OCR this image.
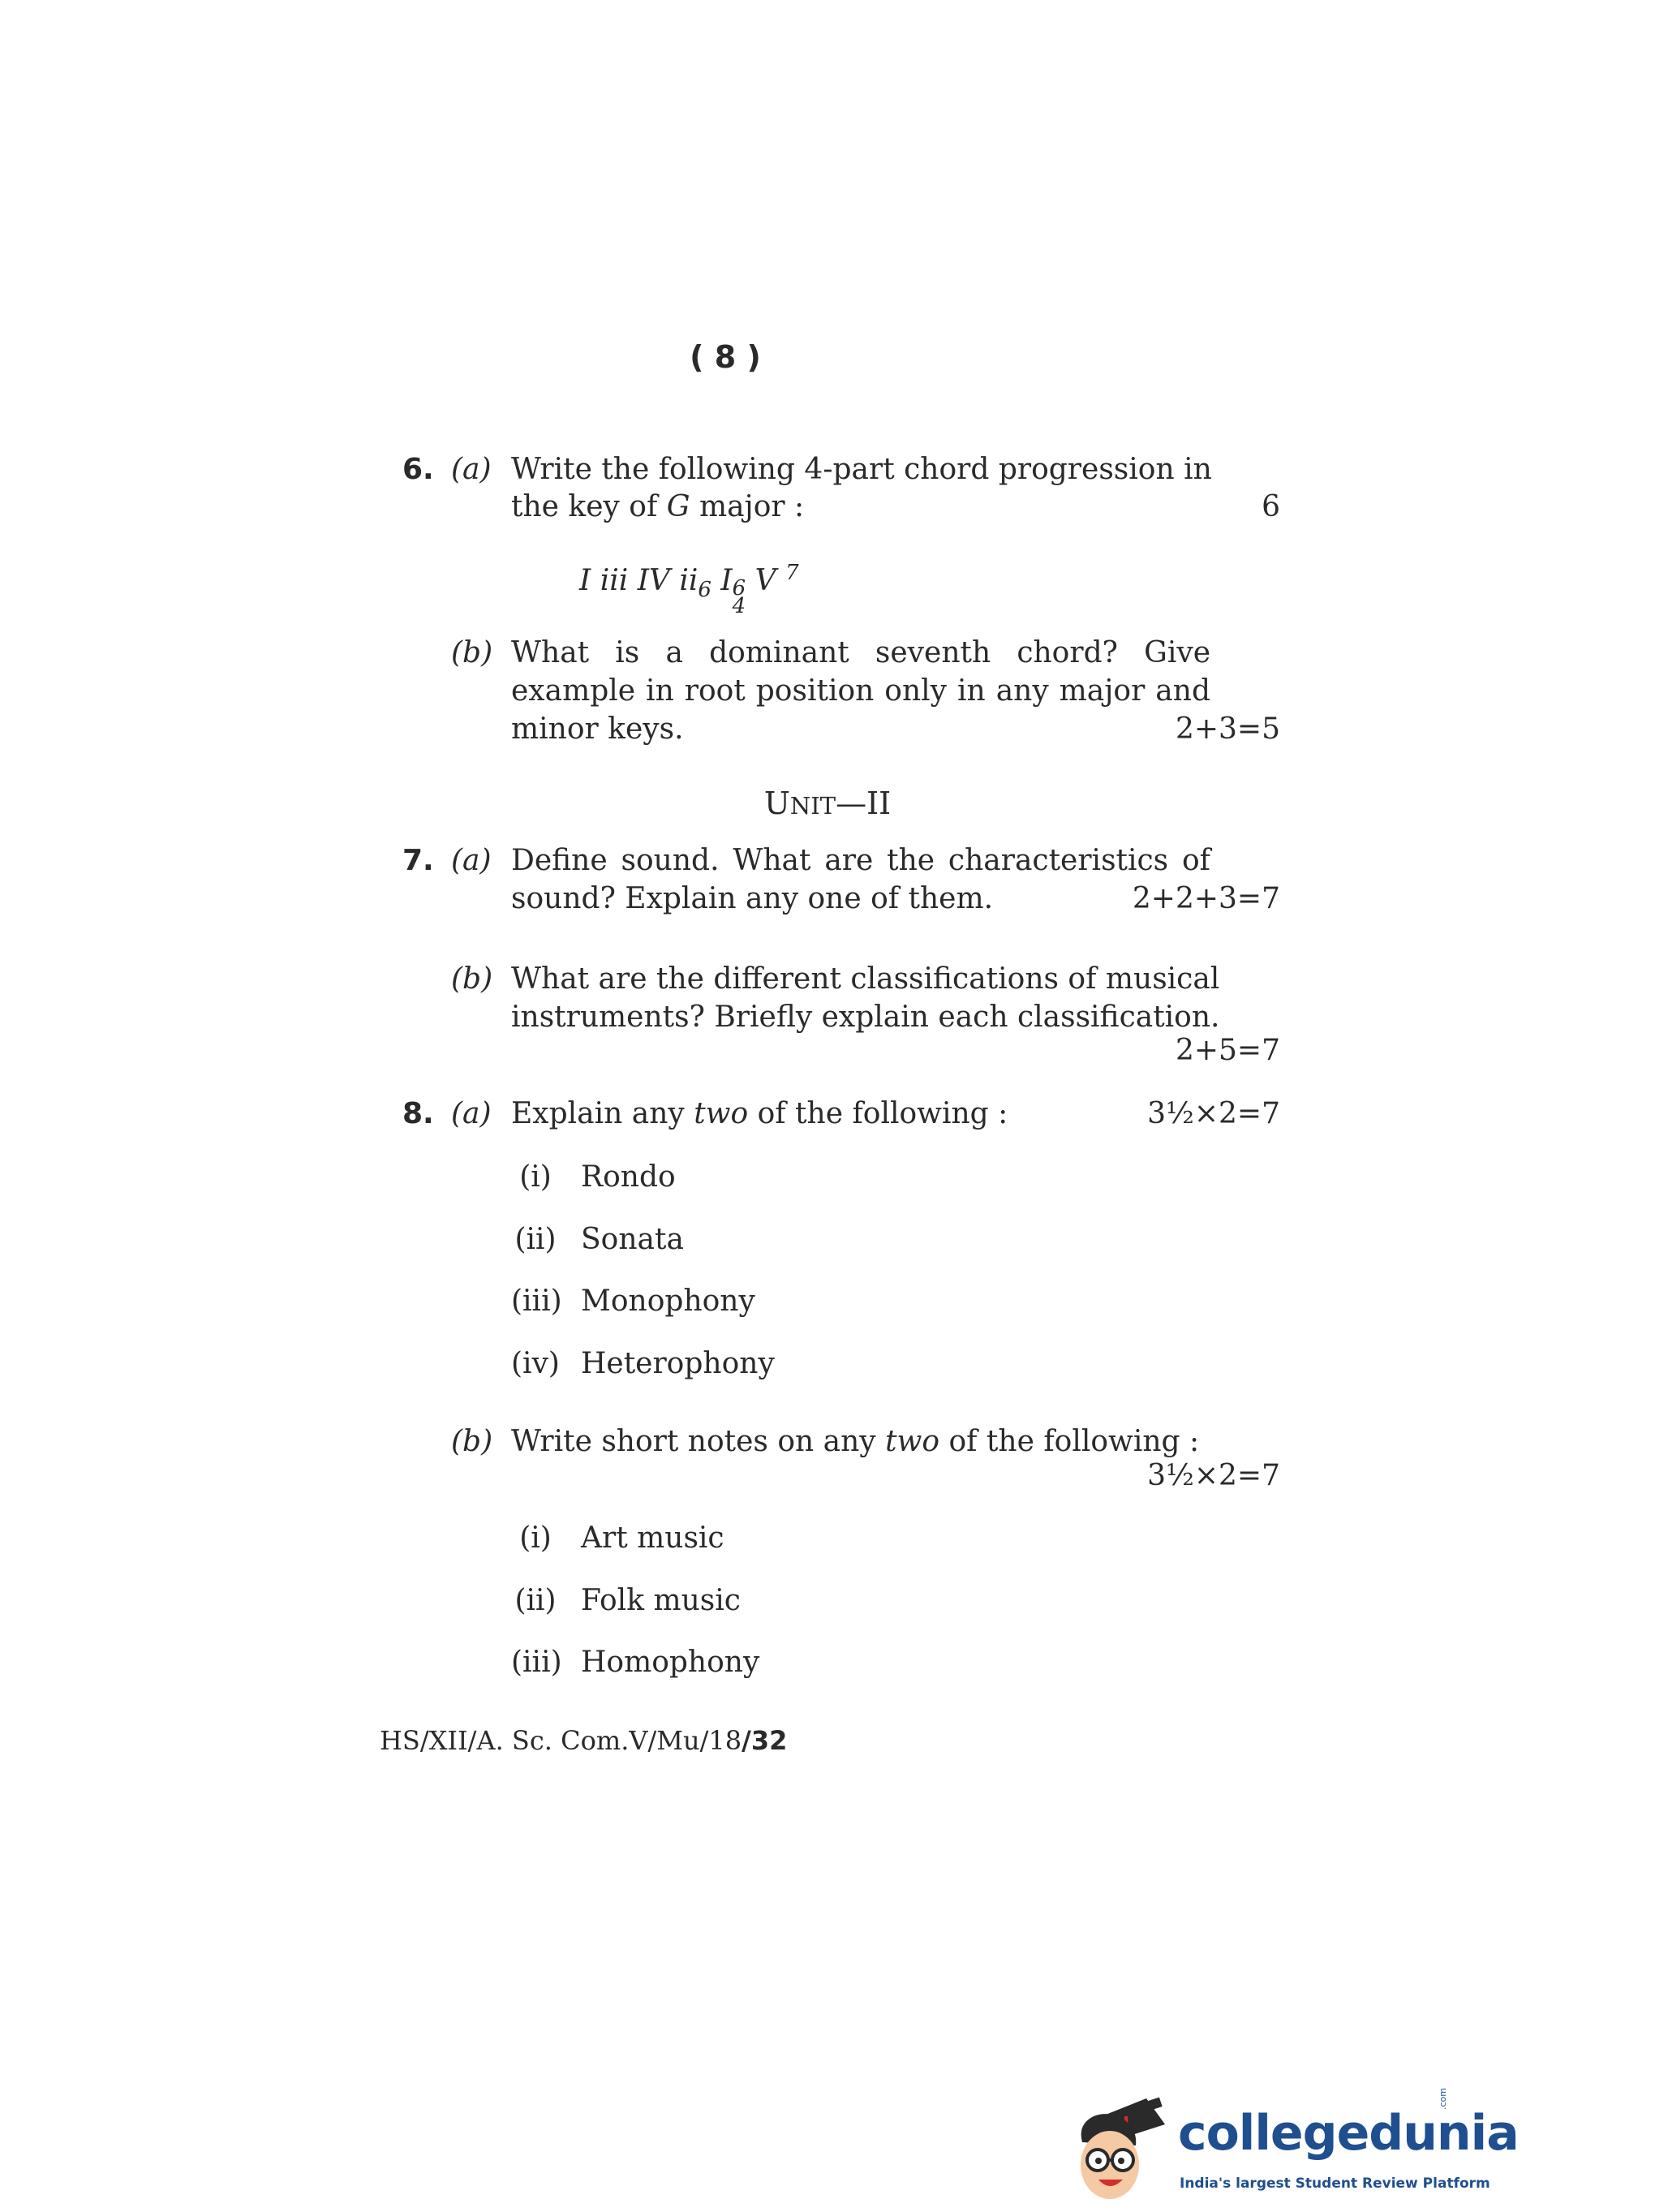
( 8 )
6. (a) Write the following 4-part chord progression in
the key of G major :	6
I iii IV $ii_6$ I 6
4
V $^7$
(b) What is a dominant seventh chord? Give
example in root position only in any major and
minor keys.	2+3=5
UNIT—II
7. (a) Define sound. What are the characteristics of
sound? Explain any one of them.	2+2+3=7
(b) What are the different classifications of musical
instruments? Briefly explain each classification.
2+5=7
8. (a) Explain any two of the following :	3½×2=7
(i) Rondo
(ii) Sonata
(iii) Monophony
(iv) Heterophony
(b) Write short notes on any two of the following :
3½×2=7
(i) Art music
(ii) Folk music
(iii) Homophony
HS/XII/A. Sc. Com.V/Mu/18/32
collegedunia
India's largest Student Review Platform
.com
